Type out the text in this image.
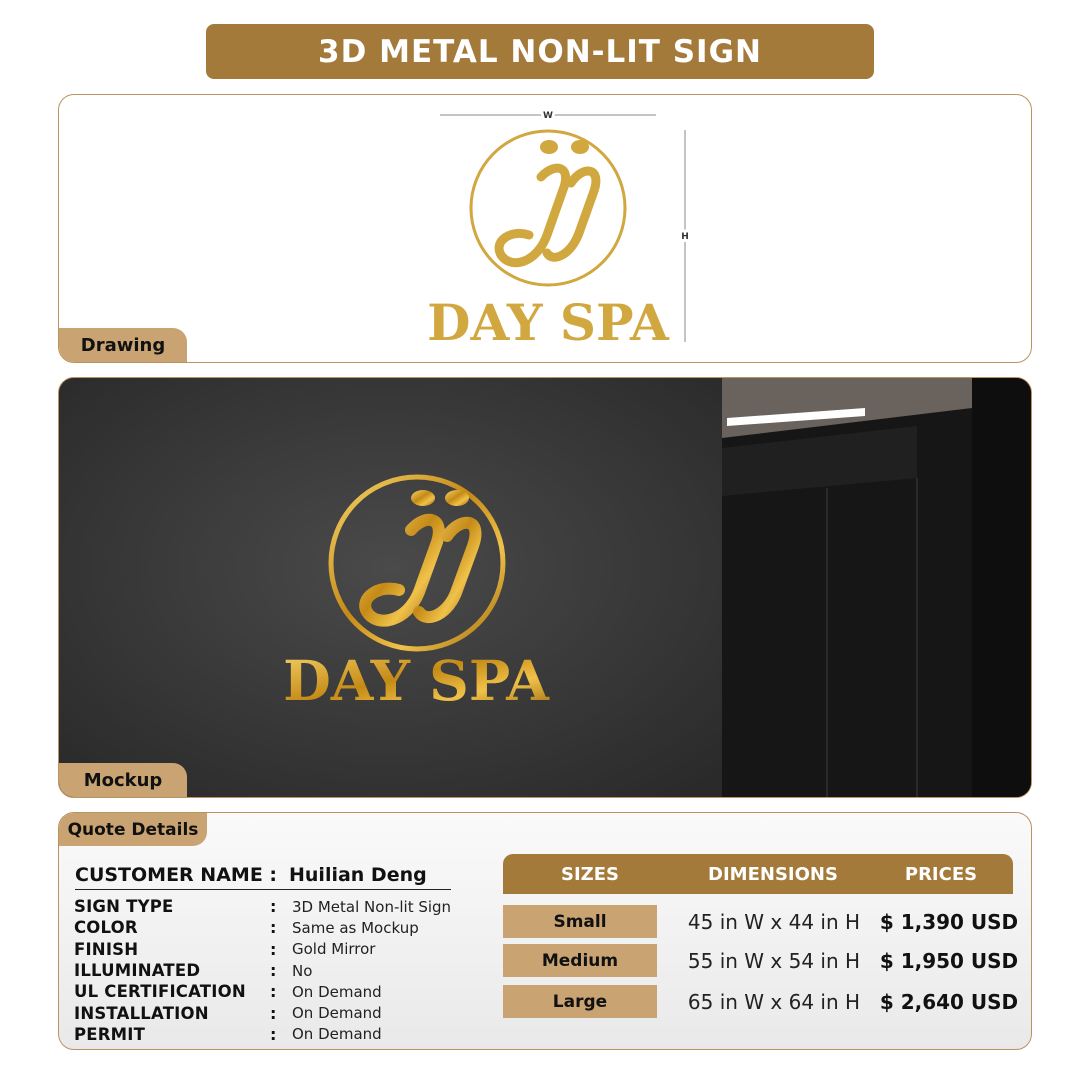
3D METAL NON-LIT SIGN
W
H
DAY SPA
Drawing
DAY SPA
Mockup
Quote Details
CUSTOMER NAME : Huilian Deng
SIGN TYPE	:	3D Metal Non-lit Sign
COLOR	:	Same as Mockup
FINISH	:	Gold Mirror
ILLUMINATED	:	No
UL CERTIFICATION	:	On Demand
INSTALLATION	:	On Demand
PERMIT	:	On Demand
SIZES	DIMENSIONS	PRICES
Small	45 in W x 44 in H $ 1,390 USD
Medium	55 in W x 54 in H $ 1,950 USD
Large	65 in W x 64 in H $ 2,640 USD
